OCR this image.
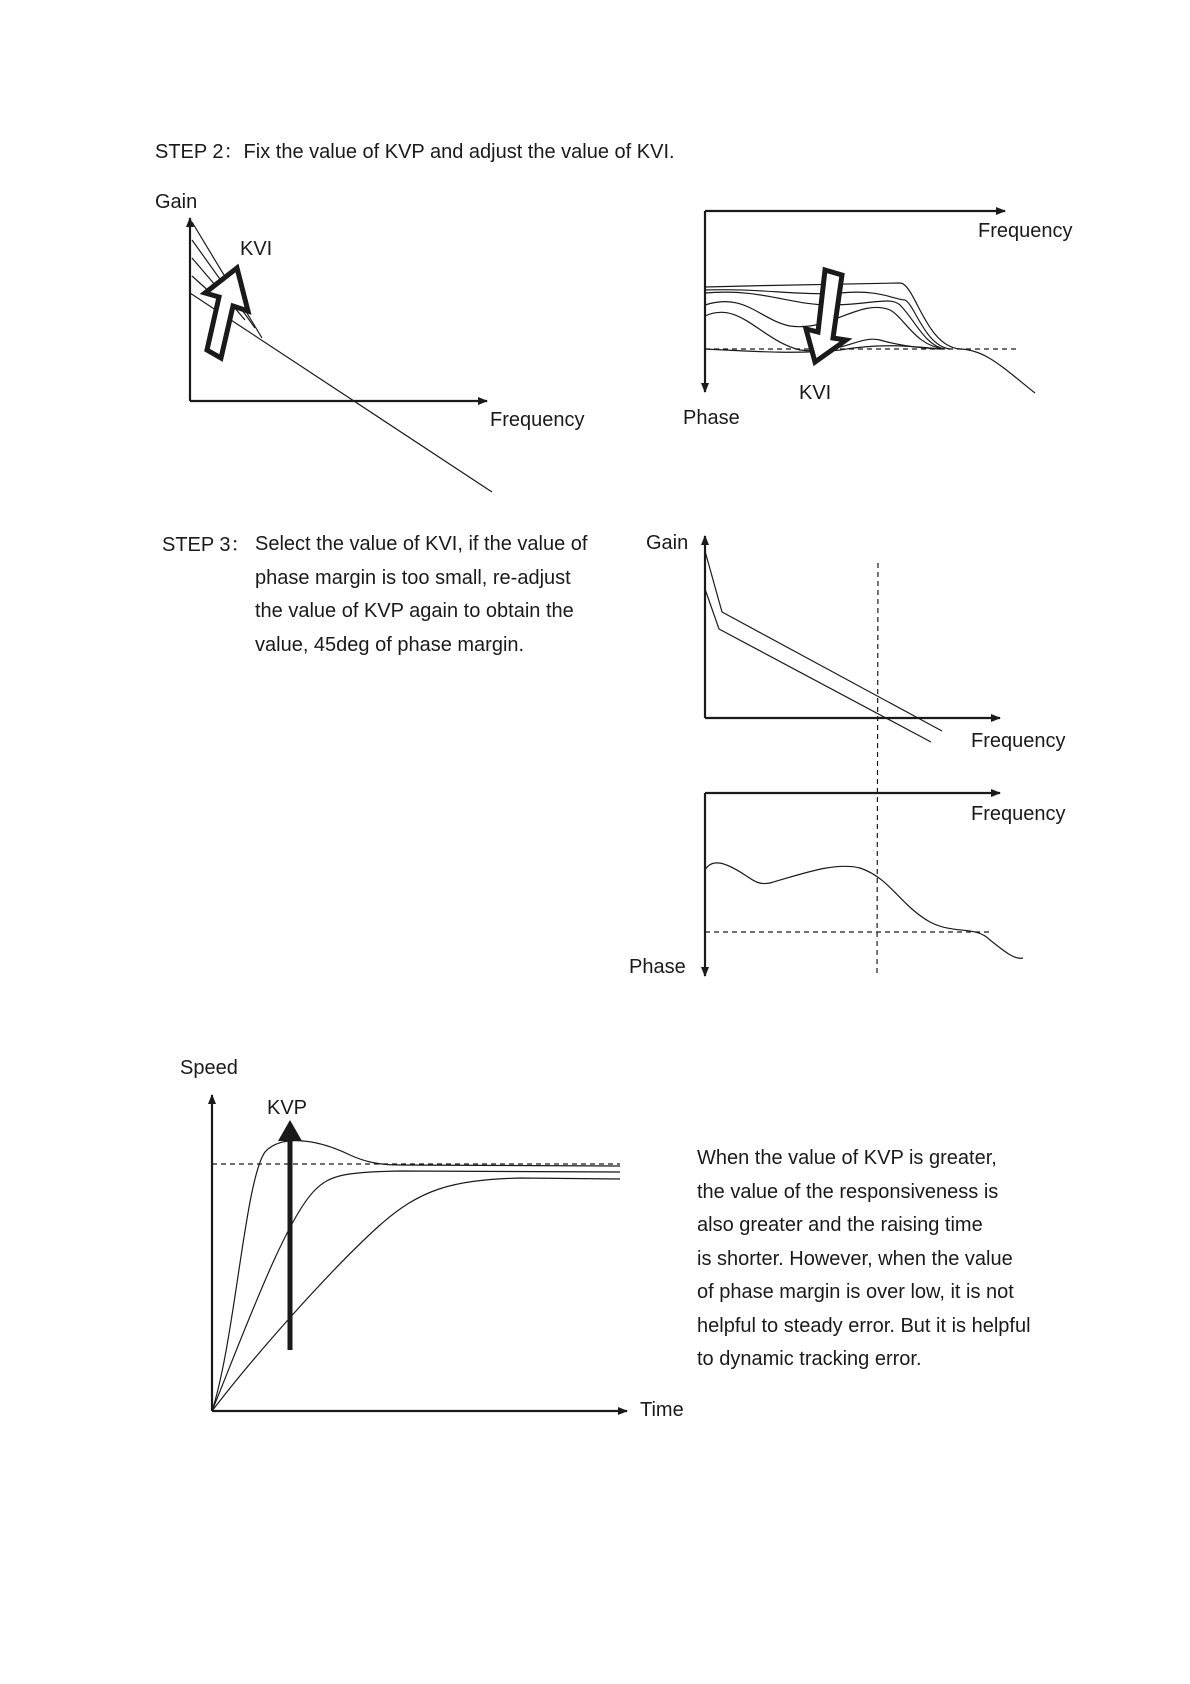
STEP 2：Fix the value of KVP and adjust the value of KVI.
Gain
KVI
Frequency
Frequency
Phase
KVI
STEP 3： Select the value of KVI, if the value of
phase margin is too small, re-adjust
the value of KVP again to obtain the
value, 45deg of phase margin.
Gain
Frequency
Frequency
Phase
Speed
KVP
Time
When the value of KVP is greater,
the value of the responsiveness is
also greater and the raising time
is shorter. However, when the value
of phase margin is over low, it is not
helpful to steady error. But it is helpful
to dynamic tracking error.
